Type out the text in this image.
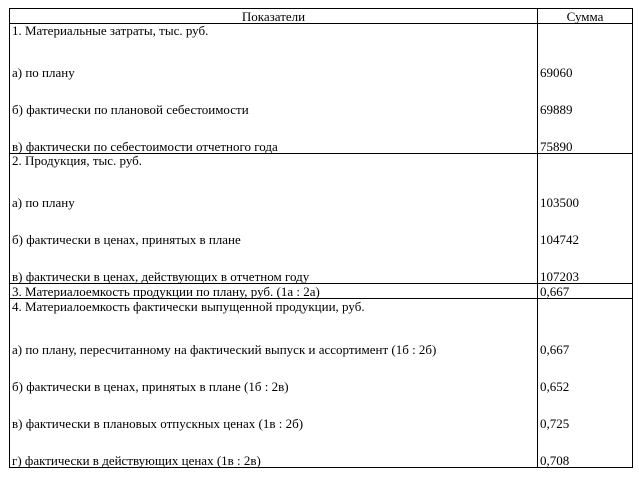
Показатели	Сумма
1. Материальные затраты, тыс. руб.	
а) по плану	69060
б) фактически по плановой себестоимости	69889
в) фактически по себестоимости отчетного года	75890
2. Продукция, тыс. руб.	
а) по плану	103500
б) фактически в ценах, принятых в плане	104742
в) фактически в ценах, действующих в отчетном году	107203
3. Материалоемкость продукции по плану, руб. (1а : 2а)	0,667
4. Материалоемкость фактически выпущенной продукции, руб.	
а) по плану, пересчитанному на фактический выпуск и ассортимент (1б : 2б)	0,667
б) фактически в ценах, принятых в плане (1б : 2в)	0,652
в) фактически в плановых отпускных ценах (1в : 2б)	0,725
г) фактически в действующих ценах (1в : 2в)	0,708
